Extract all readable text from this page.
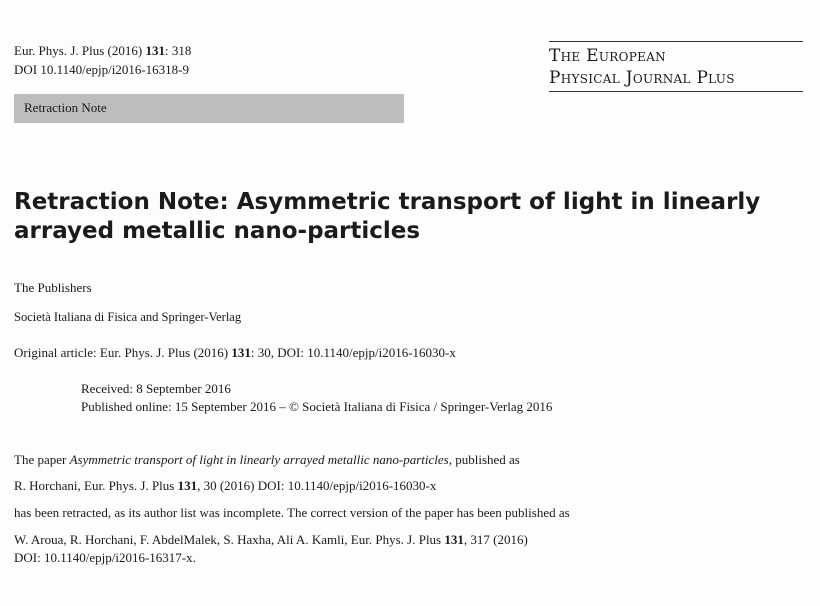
Eur. Phys. J. Plus (2016) 131: 318
DOI 10.1140/epjp/i2016-16318-9
The European
Physical Journal Plus
Retraction Note
Retraction Note: Asymmetric transport of light in linearly
arrayed metallic nano-particles
The Publishers
Società Italiana di Fisica and Springer-Verlag
Original article: Eur. Phys. J. Plus (2016) 131: 30, DOI: 10.1140/epjp/i2016-16030-x
Received: 8 September 2016
Published online: 15 September 2016 – © Società Italiana di Fisica / Springer-Verlag 2016
The paper Asymmetric transport of light in linearly arrayed metallic nano-particles, published as
R. Horchani, Eur. Phys. J. Plus 131, 30 (2016) DOI: 10.1140/epjp/i2016-16030-x
has been retracted, as its author list was incomplete. The correct version of the paper has been published as
W. Aroua, R. Horchani, F. AbdelMalek, S. Haxha, Ali A. Kamli, Eur. Phys. J. Plus 131, 317 (2016)
DOI: 10.1140/epjp/i2016-16317-x.
